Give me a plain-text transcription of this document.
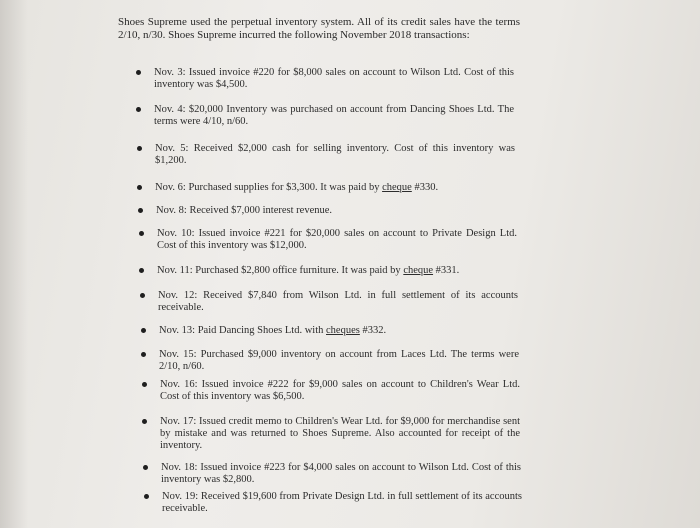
Shoes Supreme used the perpetual inventory system. All of its credit sales have the terms 2/10, n/30. Shoes Supreme incurred the following November 2018 transactions:

Nov. 3: Issued invoice #220 for $8,000 sales on account to Wilson Ltd. Cost of this inventory was $4,500.
Nov. 4: $20,000 Inventory was purchased on account from Dancing Shoes Ltd. The terms were 4/10, n/60.
Nov. 5: Received $2,000 cash for selling inventory. Cost of this inventory was $1,200.
Nov. 6: Purchased supplies for $3,300. It was paid by cheque #330.
Nov. 8: Received $7,000 interest revenue.
Nov. 10: Issued invoice #221 for $20,000 sales on account to Private Design Ltd. Cost of this inventory was $12,000.
Nov. 11: Purchased $2,800 office furniture. It was paid by cheque #331.
Nov. 12: Received $7,840 from Wilson Ltd. in full settlement of its accounts receivable.
Nov. 13: Paid Dancing Shoes Ltd. with cheques #332.
Nov. 15: Purchased $9,000 inventory on account from Laces Ltd. The terms were 2/10, n/60.
Nov. 16: Issued invoice #222 for $9,000 sales on account to Children's Wear Ltd. Cost of this inventory was $6,500.
Nov. 17: Issued credit memo to Children's Wear Ltd. for $9,000 for merchandise sent by mistake and was returned to Shoes Supreme. Also accounted for receipt of the inventory.
Nov. 18: Issued invoice #223 for $4,000 sales on account to Wilson Ltd. Cost of this inventory was $2,800.
Nov. 19: Received $19,600 from Private Design Ltd. in full settlement of its accounts receivable.
